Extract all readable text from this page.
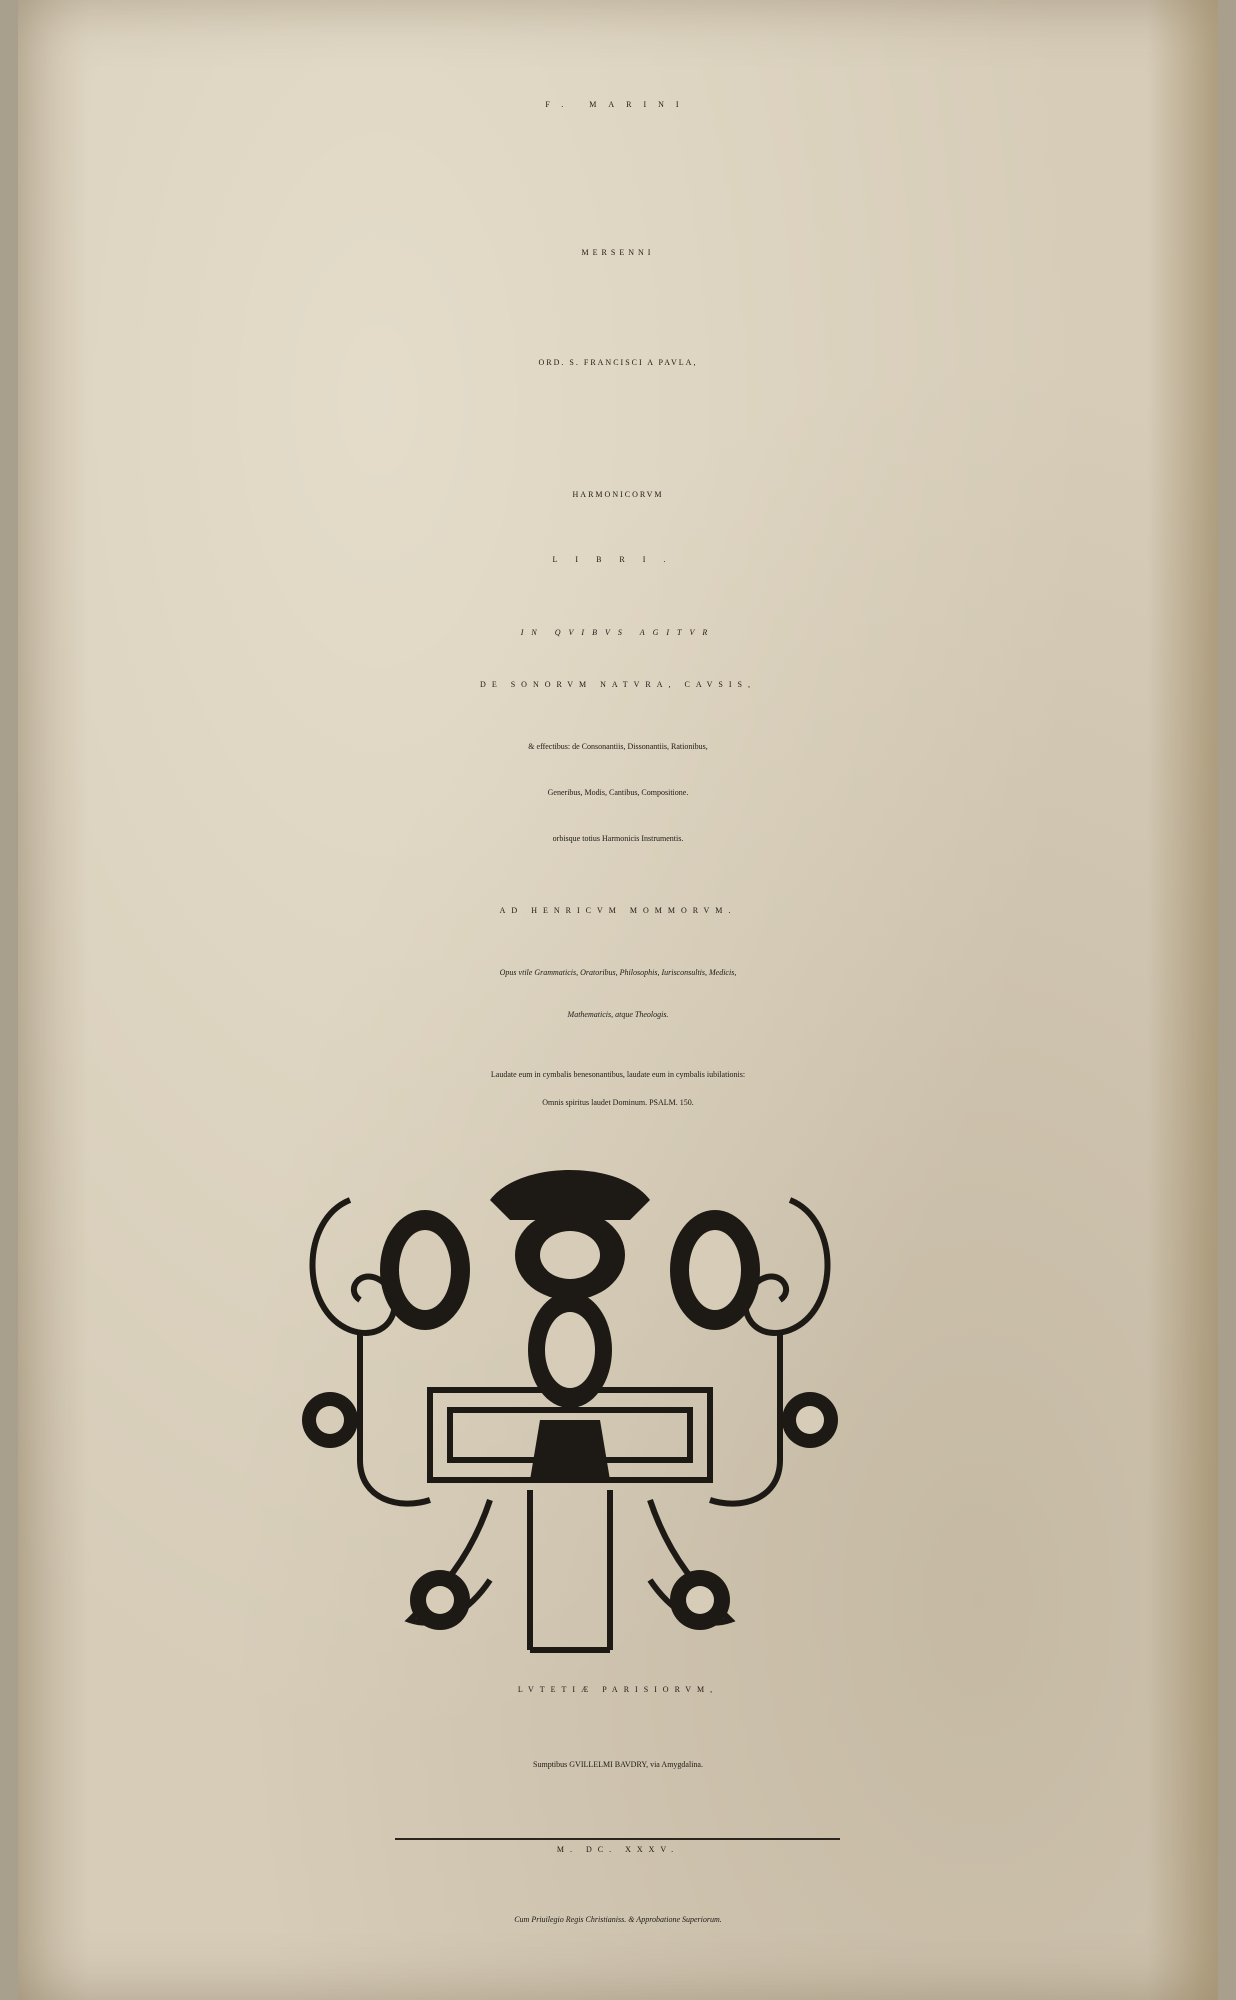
F. MARINI
MERSENNI
ORD. S. FRANCISCI A PAVLA,
HARMONICORVM
LIBRI.
IN QVIBVS AGITVR
DE SONORVM NATVRA, CAVSIS,
& effectibus: de Consonantiis, Dissonantiis, Rationibus,
Generibus, Modis, Cantibus, Compositione.
orbisque totius Harmonicis Instrumentis.
AD HENRICVM MOMMORVM.
Opus vtile Grammaticis, Oratoribus, Philosophis, Iurisconsultis, Medicis,
Mathematicis, atque Theologis.
Laudate eum in cymbalis benesonantibus, laudate eum in cymbalis iubilationis:
Omnis spiritus laudet Dominum. PSALM. 150.
LVTETIÆ PARISIORVM,
Sumptibus GVILLELMI BAVDRY, via Amygdalina.
M. DC. XXXV.
Cum Priuilegio Regis Christianiss. & Approbatione Superiorum.
